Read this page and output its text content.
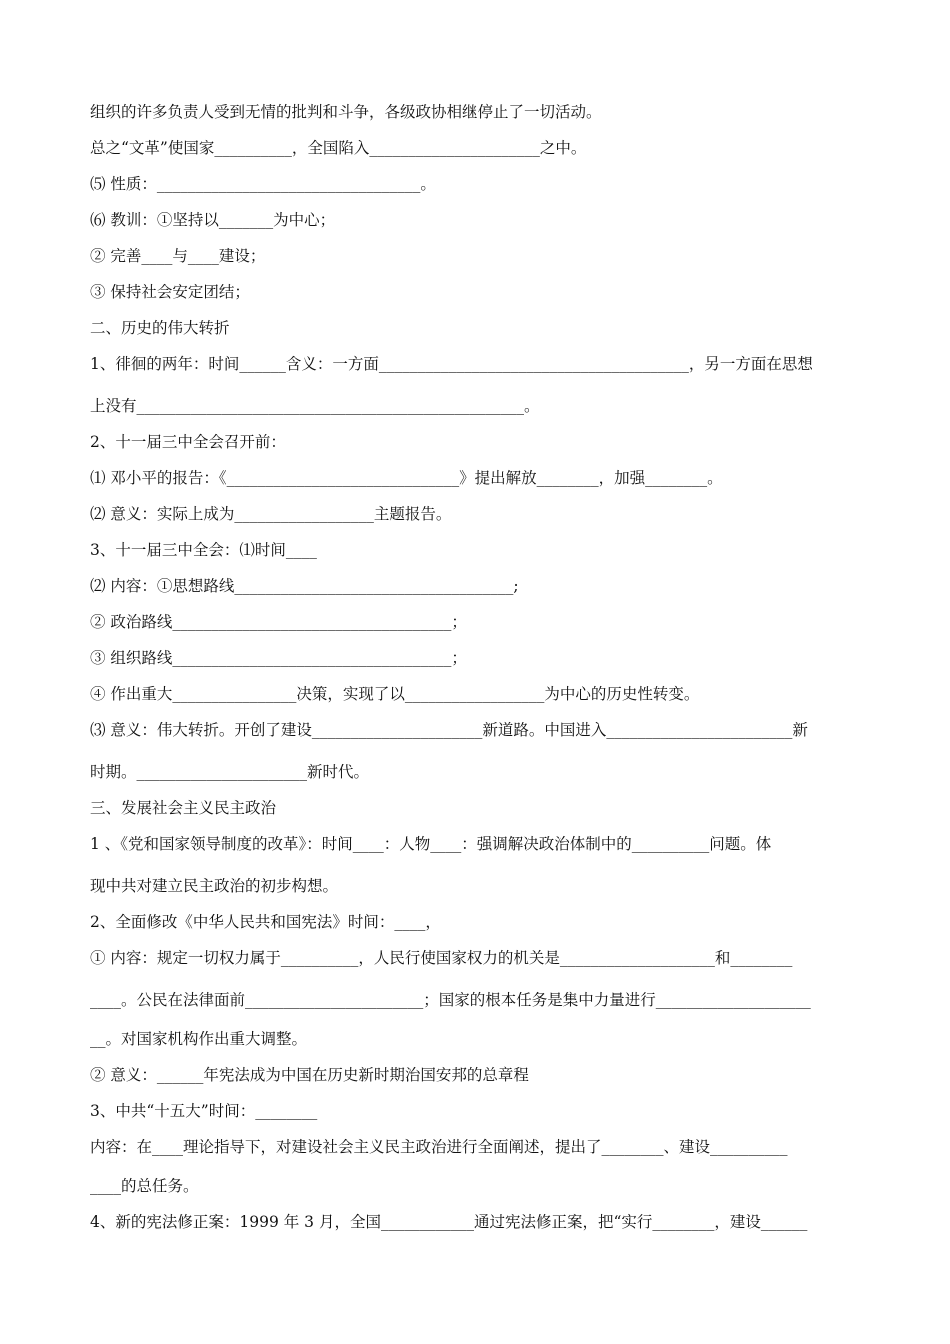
组织的许多负责人受到无情的批判和斗争，各级政协相继停止了一切活动。
总之“文革”使国家__________，全国陷入______________________之中。
⑸ 性质：__________________________________。
⑹ 教训：①坚持以_______为中心；
② 完善____与____建设；
③ 保持社会安定团结；
二、历史的伟大转折
1、徘徊的两年：时间______含义：一方面________________________________________，另一方面在思想
上没有__________________________________________________。
2、十一届三中全会召开前：
⑴ 邓小平的报告：《______________________________》提出解放________，加强________。
⑵ 意义：实际上成为__________________主题报告。
3、十一届三中全会：⑴时间____
⑵ 内容：①思想路线____________________________________;
② 政治路线____________________________________；
③ 组织路线____________________________________；
④ 作出重大________________决策，实现了以__________________为中心的历史性转变。
⑶ 意义：伟大转折。开创了建设______________________新道路。中国进入________________________新
时期。______________________新时代。
三、发展社会主义民主政治
1 、《党和国家领导制度的改革》：时间____：人物____：强调解决政治体制中的__________问题。体
现中共对建立民主政治的初步构想。
2、全面修改《中华人民共和国宪法》时间：____，
① 内容：规定一切权力属于__________，人民行使国家权力的机关是____________________和________
____。公民在法律面前_______________________；国家的根本任务是集中力量进行____________________
__。对国家机构作出重大调整。
② 意义：______年宪法成为中国在历史新时期治国安邦的总章程
3、中共“十五大”时间：________
内容：在____理论指导下，对建设社会主义民主政治进行全面阐述，提出了________、建设__________
____的总任务。
4、新的宪法修正案：1999 年 3 月，全国____________通过宪法修正案，把“实行________，建设______
